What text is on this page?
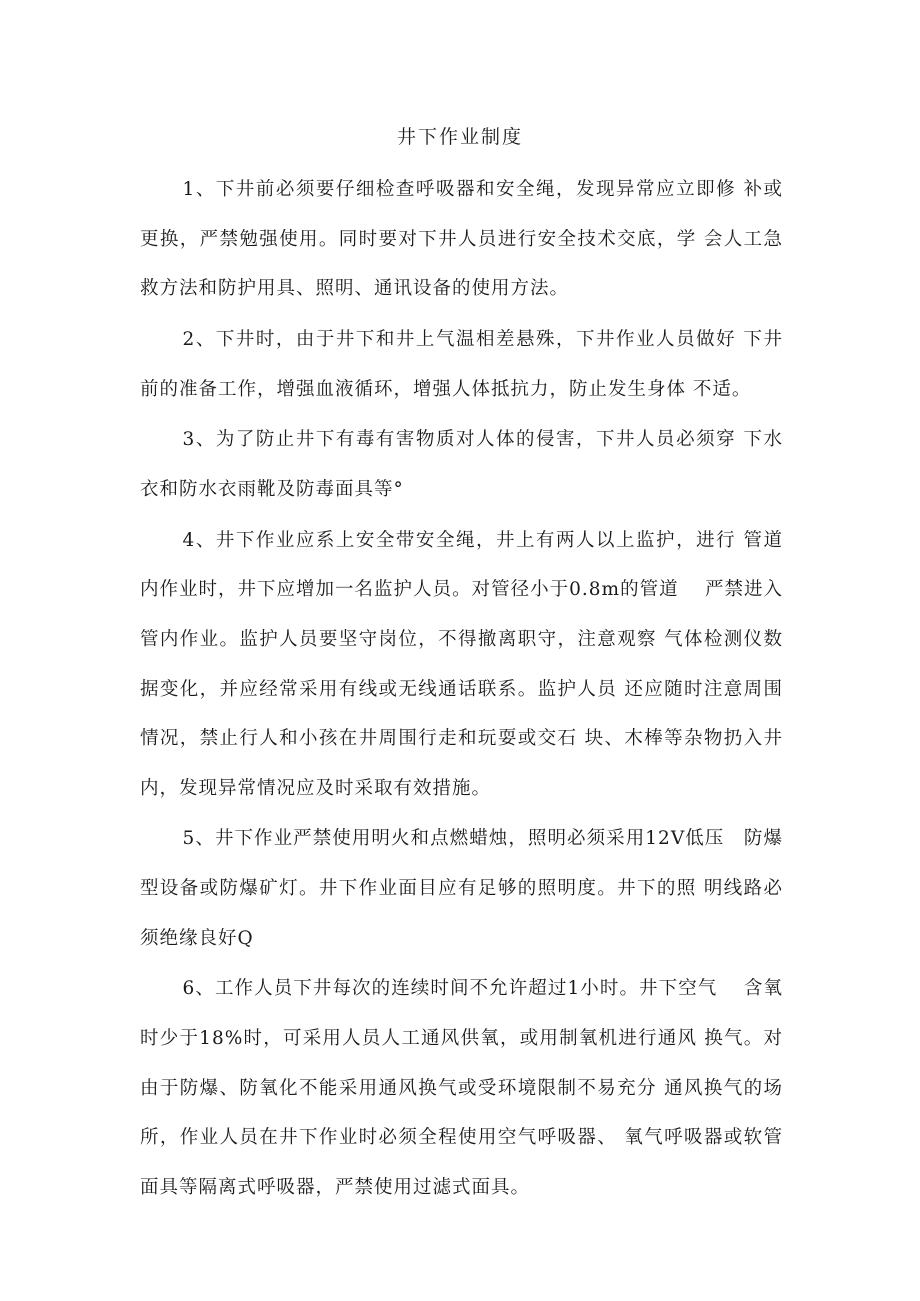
井下作业制度

1、下井前必须要仔细检查呼吸器和安全绳，发现异常应立即修 补或更换，严禁勉强使用。同时要对下井人员进行安全技术交底，学 会人工急救方法和防护用具、照明、通讯设备的使用方法。

2、下井时，由于井下和井上气温相差悬殊，下井作业人员做好 下井前的准备工作，增强血液循环，增强人体抵抗力，防止发生身体 不适。

3、为了防止井下有毒有害物质对人体的侵害，下井人员必须穿 下水衣和防水衣雨靴及防毒面具等°

4、井下作业应系上安全带安全绳，井上有两人以上监护，进行 管道内作业时，井下应增加一名监护人员。对管径小于0.8m的管道　 严禁进入管内作业。监护人员要坚守岗位，不得撤离职守，注意观察 气体检测仪数据变化，并应经常采用有线或无线通话联系。监护人员 还应随时注意周围情况，禁止行人和小孩在井周围行走和玩耍或交石 块、木棒等杂物扔入井内，发现异常情况应及时采取有效措施。

5、井下作业严禁使用明火和点燃蜡烛，照明必须采用12V低压　防爆型设备或防爆矿灯。井下作业面目应有足够的照明度。井下的照 明线路必须绝缘良好Q

6、工作人员下井每次的连续时间不允许超过1小时。井下空气　 含氧时少于18%时，可采用人员人工通风供氧，或用制氧机进行通风 换气。对由于防爆、防氧化不能采用通风换气或受环境限制不易充分 通风换气的场所，作业人员在井下作业时必须全程使用空气呼吸器、 氧气呼吸器或软管面具等隔离式呼吸器，严禁使用过滤式面具。
